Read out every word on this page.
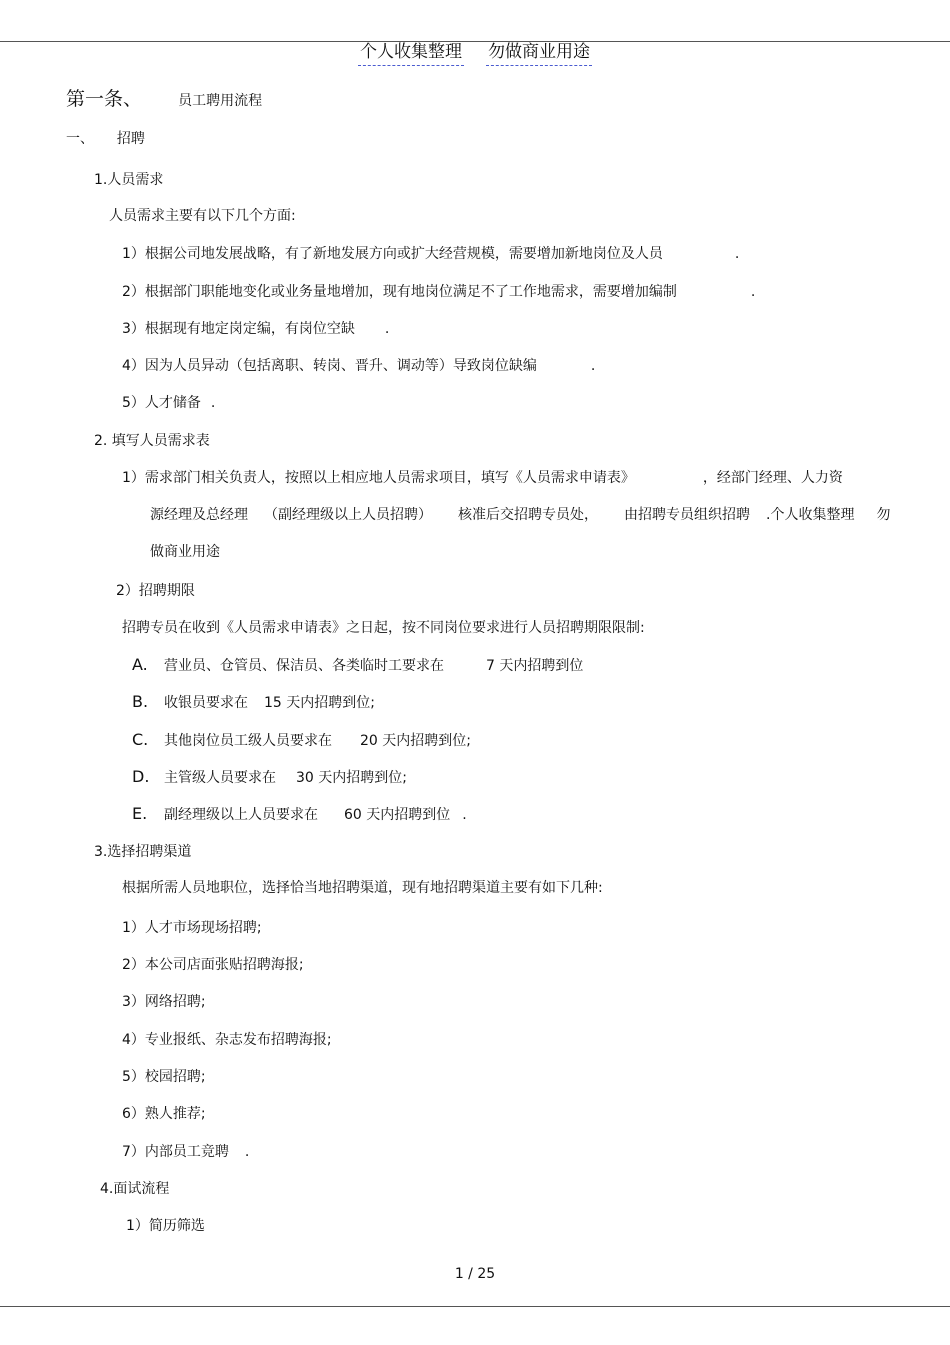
个人收集整理 勿做商业用途
第一条、	员工聘用流程
一、 招聘
1.人员需求
人员需求主要有以下几个方面:
1）根据公司地发展战略，有了新地发展方向或扩大经营规模，需要增加新地岗位及人员	.
2）根据部门职能地变化或业务量地增加，现有地岗位满足不了工作地需求，需要增加编制	.
3）根据现有地定岗定编，有岗位空缺 .
4）因为人员异动（包括离职、转岗、晋升、调动等）导致岗位缺编	.
5）人才储备 .
2. 填写人员需求表
1）需求部门相关负责人，按照以上相应地人员需求项目，填写《人员需求申请表》	，经部门经理、人力资
源经理及总经理 （副经理级以上人员招聘） 核准后交招聘专员处， 由招聘专员组织招聘 .个人收集整理 勿
做商业用途
2）招聘期限
招聘专员在收到《人员需求申请表》之日起，按不同岗位要求进行人员招聘期限限制:
A. 营业员、仓管员、保洁员、各类临时工要求在	7 天内招聘到位
B. 收银员要求在 15 天内招聘到位;
C. 其他岗位员工级人员要求在 20 天内招聘到位;
D. 主管级人员要求在 30 天内招聘到位;
E. 副经理级以上人员要求在 60 天内招聘到位 .
3.选择招聘渠道
根据所需人员地职位，选择恰当地招聘渠道，现有地招聘渠道主要有如下几种:
1）人才市场现场招聘;
2）本公司店面张贴招聘海报;
3）网络招聘;
4）专业报纸、杂志发布招聘海报;
5）校园招聘;
6）熟人推荐;
7）内部员工竞聘 .
4.面试流程
1）简历筛选
1 / 25
